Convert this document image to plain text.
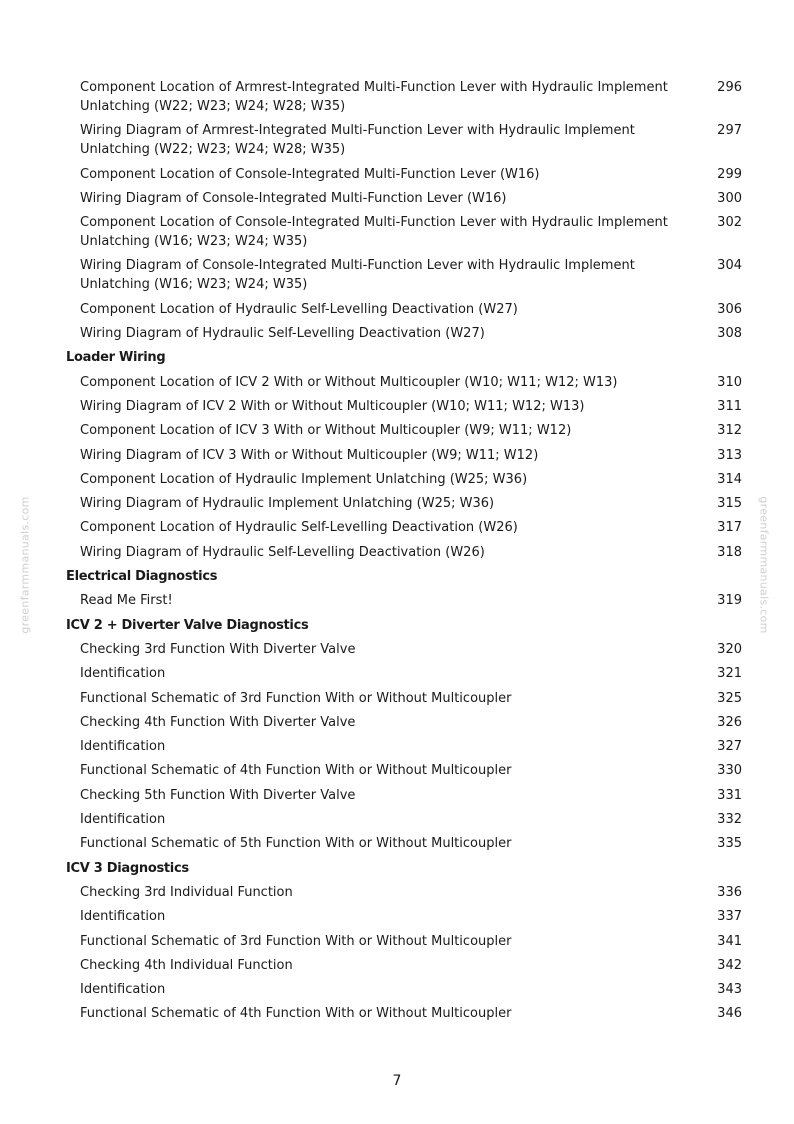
greenfarmmanuals.com	greenfarmmanuals.com
Component Location of Armrest-Integrated Multi-Function Lever with Hydraulic Implement
Unlatching (W22; W23; W24; W28; W35)
296
Wiring Diagram of Armrest-Integrated Multi-Function Lever with Hydraulic Implement
Unlatching (W22; W23; W24; W28; W35)
297
Component Location of Console-Integrated Multi-Function Lever (W16)	299
Wiring Diagram of Console-Integrated Multi-Function Lever (W16)	300
Component Location of Console-Integrated Multi-Function Lever with Hydraulic Implement
Unlatching (W16; W23; W24; W35)
302
Wiring Diagram of Console-Integrated Multi-Function Lever with Hydraulic Implement
Unlatching (W16; W23; W24; W35)
304
Component Location of Hydraulic Self-Levelling Deactivation (W27)	306
Wiring Diagram of Hydraulic Self-Levelling Deactivation (W27)	308
Loader Wiring
Component Location of ICV 2 With or Without Multicoupler (W10; W11; W12; W13)	310
Wiring Diagram of ICV 2 With or Without Multicoupler (W10; W11; W12; W13)	311
Component Location of ICV 3 With or Without Multicoupler (W9; W11; W12)	312
Wiring Diagram of ICV 3 With or Without Multicoupler (W9; W11; W12)	313
Component Location of Hydraulic Implement Unlatching (W25; W36)	314
Wiring Diagram of Hydraulic Implement Unlatching (W25; W36)	315
Component Location of Hydraulic Self-Levelling Deactivation (W26)	317
Wiring Diagram of Hydraulic Self-Levelling Deactivation (W26)	318
Electrical Diagnostics
Read Me First!	319
ICV 2 + Diverter Valve Diagnostics
Checking 3rd Function With Diverter Valve	320
Identification	321
Functional Schematic of 3rd Function With or Without Multicoupler	325
Checking 4th Function With Diverter Valve	326
Identification	327
Functional Schematic of 4th Function With or Without Multicoupler	330
Checking 5th Function With Diverter Valve	331
Identification	332
Functional Schematic of 5th Function With or Without Multicoupler	335
ICV 3 Diagnostics
Checking 3rd Individual Function	336
Identification	337
Functional Schematic of 3rd Function With or Without Multicoupler	341
Checking 4th Individual Function	342
Identification	343
Functional Schematic of 4th Function With or Without Multicoupler	346
7
